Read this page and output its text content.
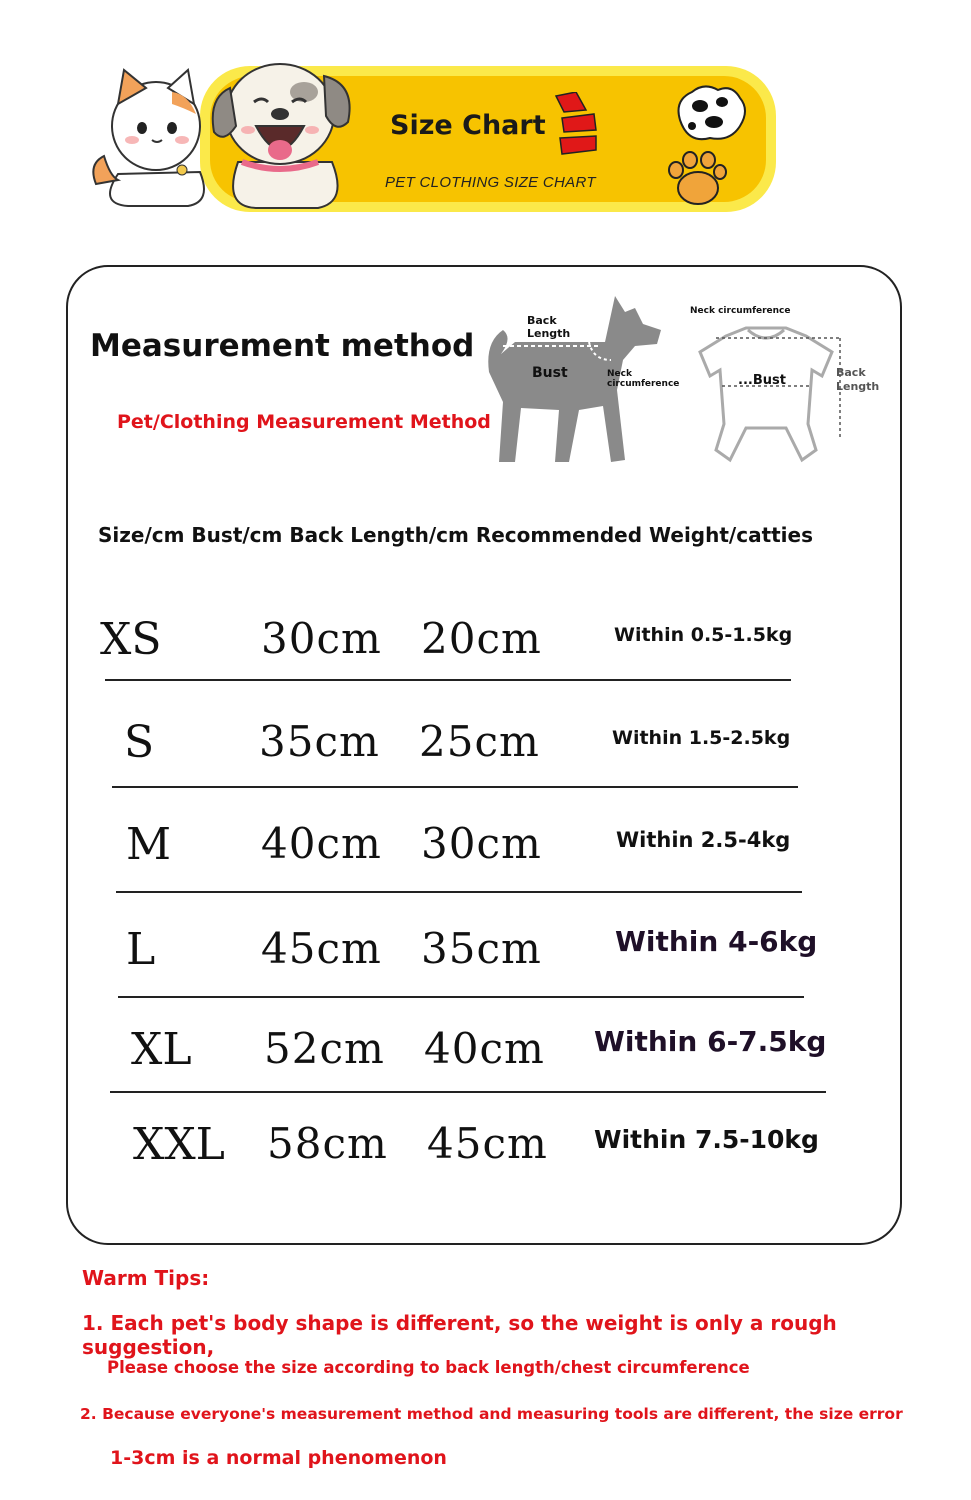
Size Chart
PET CLOTHING SIZE CHART
Measurement method
Pet/Clothing Measurement Method
Back
Length
Bust	Neck
circumference
Neck circumference
...Bust
Back
Length
Size/cm Bust/cm Back Length/cm Recommended Weight/catties
XS 30cm 20cm	Within 0.5-1.5kg
S 35cm 25cm	Within 1.5-2.5kg
M 40cm 30cm	Within 2.5-4kg
L	45cm 35cm	Within 4-6kg
XL 52cm 40cm Within 6-7.5kg
XXL 58cm 45cm Within 7.5-10kg
Warm Tips:
1. Each pet's body shape is different, so the weight is only a rough suggestion,
Please choose the size according to back length/chest circumference
2. Because everyone's measurement method and measuring tools are different, the size error
1-3cm is a normal phenomenon
